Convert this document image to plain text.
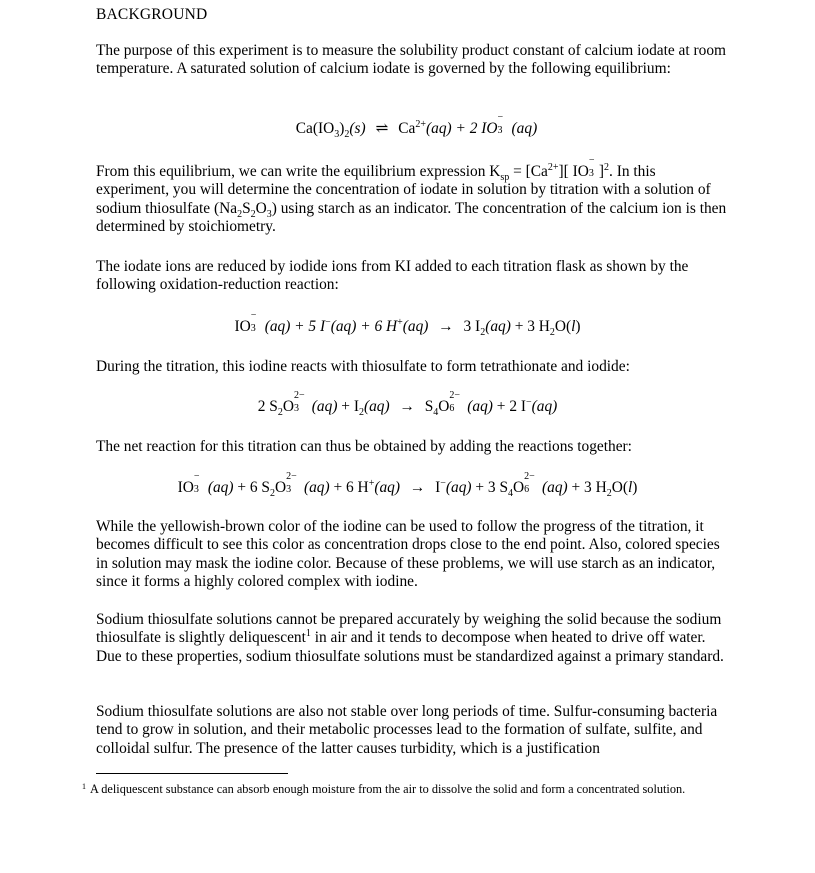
BACKGROUND

The purpose of this experiment is to measure the solubility product constant of calcium iodate at room temperature. A saturated solution of calcium iodate is governed by the following equilibrium:

$Ca(IO_3)_2(s)$ ⇌ $Ca^{2+}(aq) + 2$ IO
−
3 (aq)

From this equilibrium, we can write the equilibrium expression $K_{sp} = [Ca^{2+}]$[ IO
−
3 ]$^2$. In this experiment, you will determine the concentration of iodate in solution by titration with a solution of sodium thiosulfate $(Na_2S_2O_3)$ using starch as an indicator. The concentration of the calcium ion is then determined by stoichiometry.

The iodate ions are reduced by iodide ions from KI added to each titration flask as shown by the following oxidation-reduction reaction:

IO
−
3 (aq) + 5 I−(aq) + 6 H+(aq) → 3 $I_2(aq) + 3$ $H_2O(l)$

During the titration, this iodine reacts with thiosulfate to form tetrathionate and iodide:

2 $S_2O$
2−
3 $(aq) + I_2(aq) \to S_4O$
2−
6 (aq) + 2 I−(aq)

The net reaction for this titration can thus be obtained by adding the reactions together:

IO
−
3 (aq) + 6 $S_2O$
2−
3 (aq) + 6 H+(aq) → I−(aq) + 3 $S_4O$
2−
6 (aq) + 3 $H_2O(l)$

While the yellowish-brown color of the iodine can be used to follow the progress of the titration, it becomes difficult to see this color as concentration drops close to the end point. Also, colored species in solution may mask the iodine color. Because of these problems, we will use starch as an indicator, since it forms a highly colored complex with iodine.

Sodium thiosulfate solutions cannot be prepared accurately by weighing the solid because the sodium thiosulfate is slightly deliquescent$^1$ in air and it tends to decompose when heated to drive off water. Due to these properties, sodium thiosulfate solutions must be standardized against a primary standard.

Sodium thiosulfate solutions are also not stable over long periods of time. Sulfur-consuming bacteria tend to grow in solution, and their metabolic processes lead to the formation of sulfate, sulfite, and colloidal sulfur. The presence of the latter causes turbidity, which is a justification

$^1$ A deliquescent substance can absorb enough moisture from the air to dissolve the solid and form a concentrated solution.
